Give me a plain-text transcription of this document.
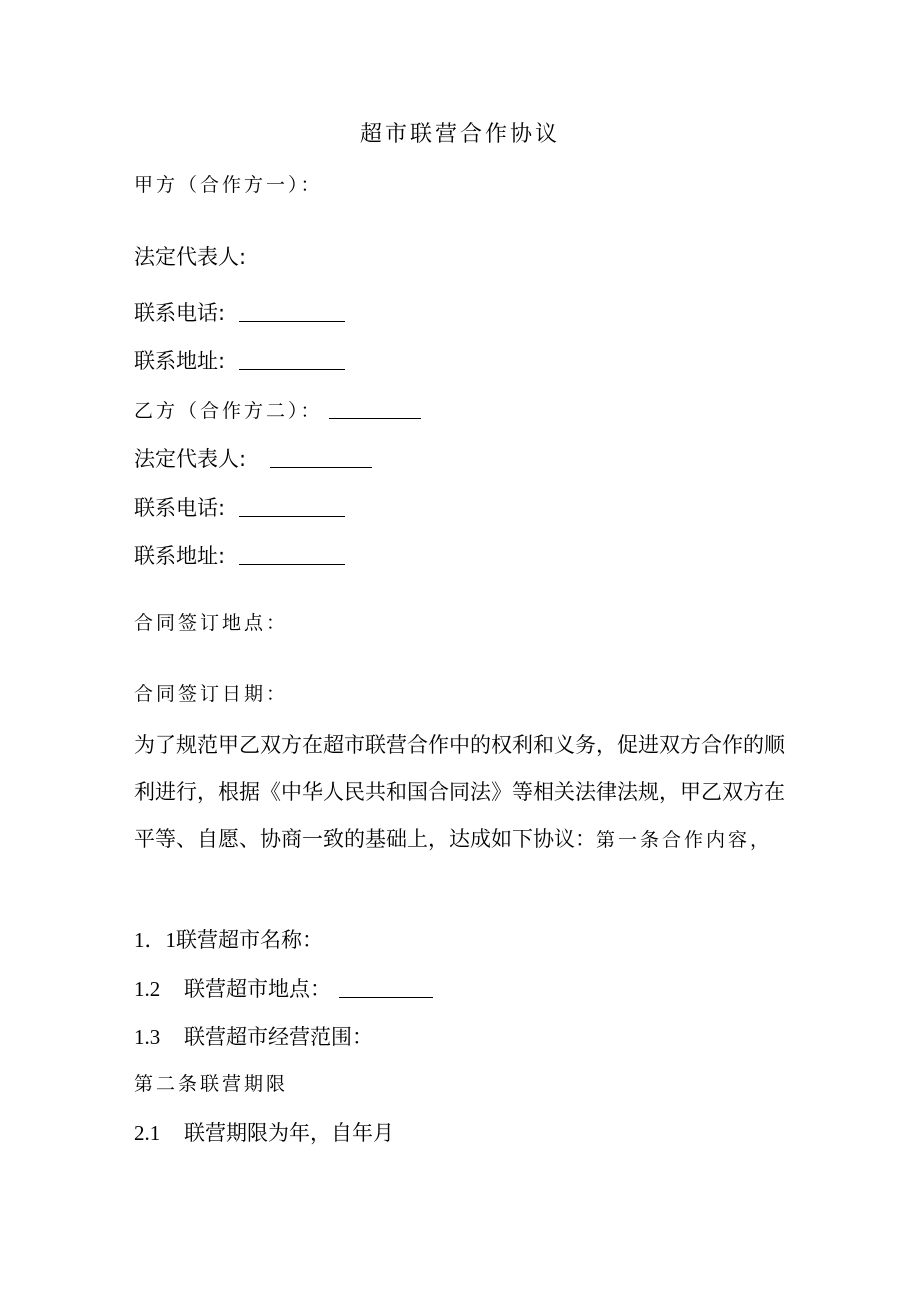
超市联营合作协议
甲方（合作方一）：
法定代表人:
联系电话:
联系地址:
乙方（合作方二）：
法定代表人:
联系电话:
联系地址:
合同签订地点：
合同签订日期：
为了规范甲乙双方在超市联营合作中的权利和义务，促进双方合作的顺利进行，根据《中华人民共和国合同法》等相关法律法规，甲乙双方在平等、自愿、协商一致的基础上，达成如下协议：第一条合作内容，
1．1联营超市名称：
1.2 联营超市地点：
1.3 联营超市经营范围：
第二条联营期限
2.1 联营期限为年，自年月
